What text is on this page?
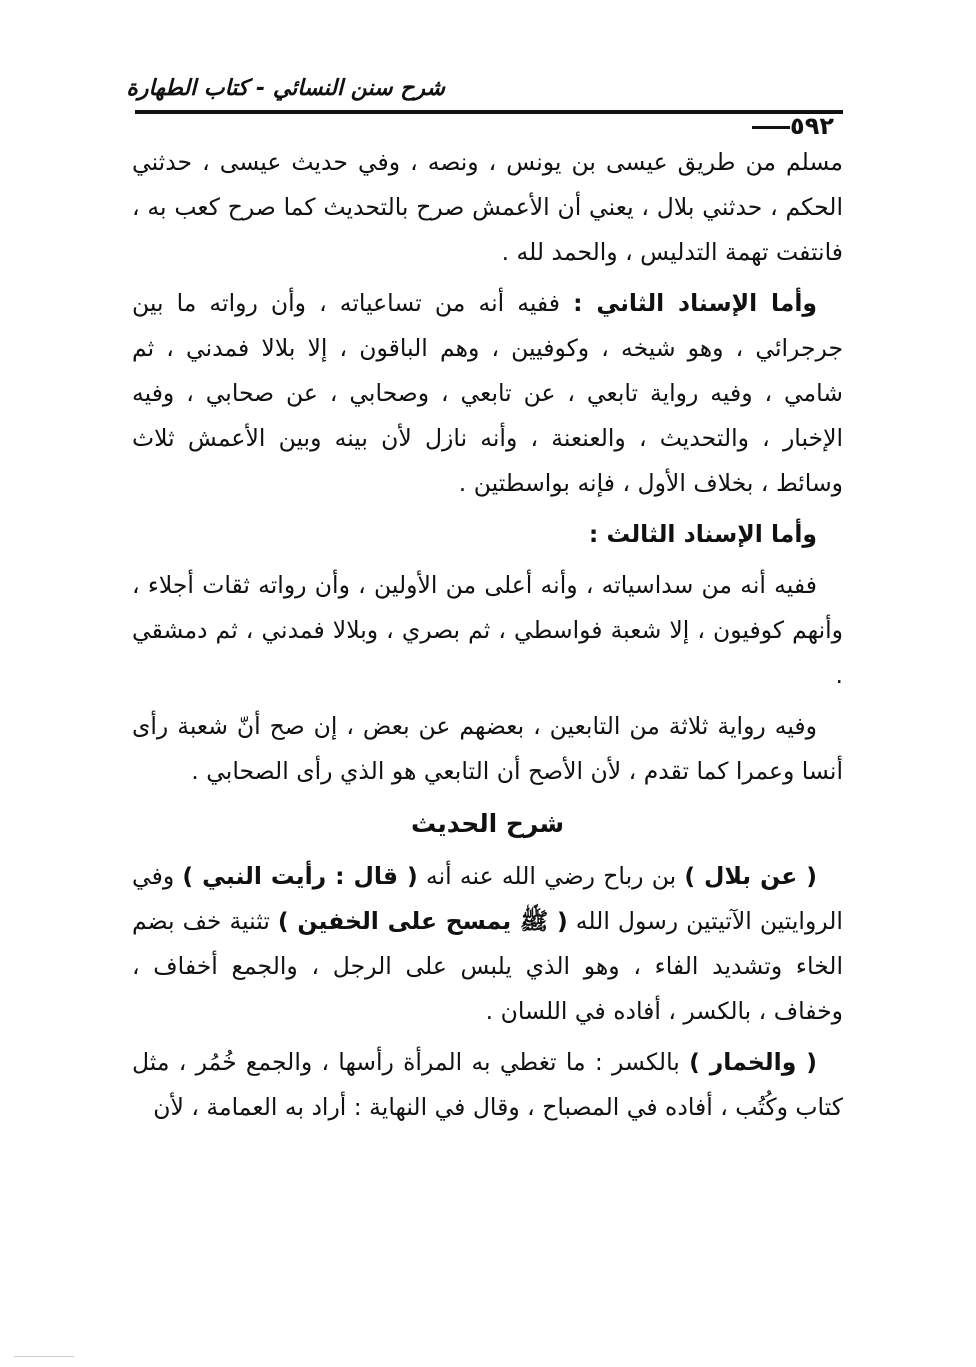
شرح سنن النسائي - كتاب الطهارة
٥٩٢

مسلم من طريق عيسى بن يونس ، ونصه ، وفي حديث عيسى ، حدثني الحكم ، حدثني بلال ، يعني أن الأعمش صرح بالتحديث كما صرح كعب به ، فانتفت تهمة التدليس ، والحمد لله .

وأما الإسناد الثاني : ففيه أنه من تساعياته ، وأن رواته ما بين جرجرائي ، وهو شيخه ، وكوفيين ، وهم الباقون ، إلا بلالا فمدني ، ثم شامي ، وفيه رواية تابعي ، عن تابعي ، وصحابي ، عن صحابي ، وفيه الإخبار ، والتحديث ، والعنعنة ، وأنه نازل لأن بينه وبين الأعمش ثلاث وسائط ، بخلاف الأول ، فإنه بواسطتين .

وأما الإسناد الثالث :

ففيه أنه من سداسياته ، وأنه أعلى من الأولين ، وأن رواته ثقات أجلاء ، وأنهم كوفيون ، إلا شعبة فواسطي ، ثم بصري ، وبلالا فمدني ، ثم دمشقي .

وفيه رواية ثلاثة من التابعين ، بعضهم عن بعض ، إن صح أنّ شعبة رأى أنسا وعمرا كما تقدم ، لأن الأصح أن التابعي هو الذي رأى الصحابي .

شرح الحديث

( عن بلال ) بن رباح رضي الله عنه أنه ( قال : رأيت النبي ) وفي الروايتين الآتيتين رسول الله ( ﷺ يمسح على الخفين ) تثنية خف بضم الخاء وتشديد الفاء ، وهو الذي يلبس على الرجل ، والجمع أخفاف ، وخفاف ، بالكسر ، أفاده في اللسان .

( والخمار ) بالكسر : ما تغطي به المرأة رأسها ، والجمع خُمُر ، مثل كتاب وكُتُب ، أفاده في المصباح ، وقال في النهاية : أراد به العمامة ، لأن
